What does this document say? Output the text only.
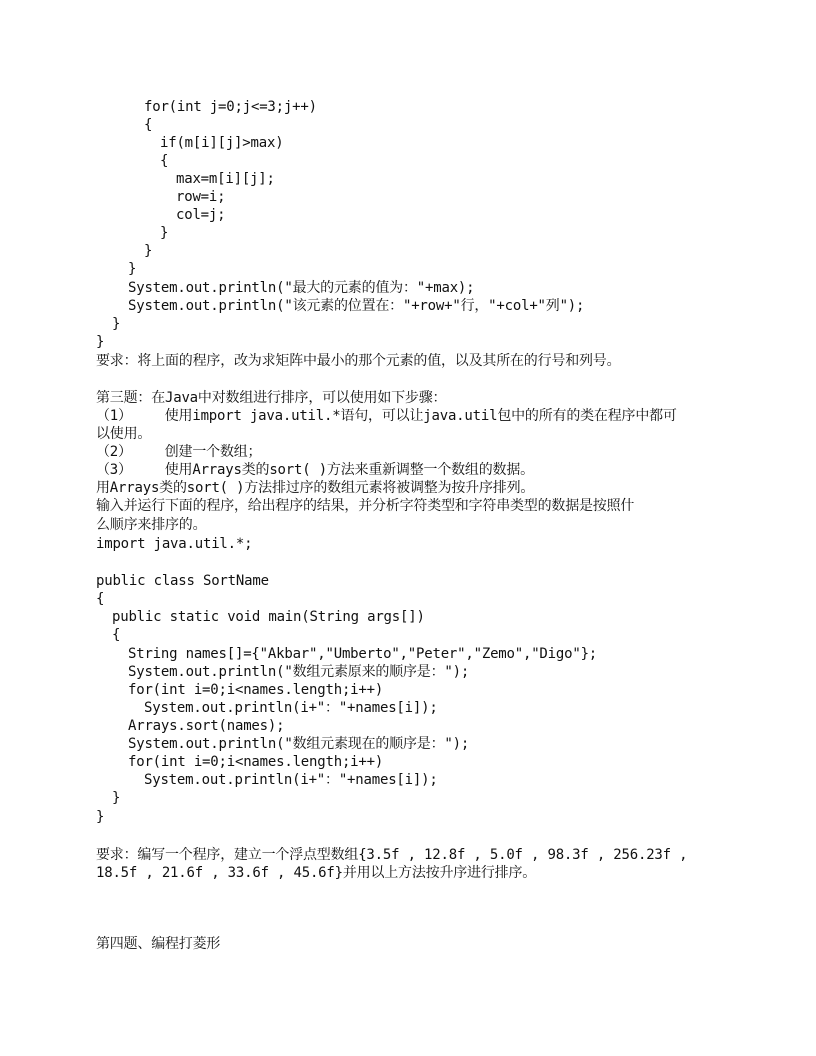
for(int j=0;j<=3;j++)
{
if(m[i][j]>max)
{
max=m[i][j];
row=i;
col=j;
}
}
}
System.out.println("最大的元素的值为："+max);
System.out.println("该元素的位置在："+row+"行，"+col+"列");
}
}
要求：将上面的程序，改为求矩阵中最小的那个元素的值，以及其所在的行号和列号。
第三题：在Java中对数组进行排序，可以使用如下步骤：
（1）    使用import java.util.*语句，可以让java.util包中的所有的类在程序中都可
以使用。
（2）    创建一个数组；
（3）    使用Arrays类的sort( )方法来重新调整一个数组的数据。
用Arrays类的sort( )方法排过序的数组元素将被调整为按升序排列。
输入并运行下面的程序，给出程序的结果，并分析字符类型和字符串类型的数据是按照什
么顺序来排序的。
import java.util.*;
public class SortName
{
public static void main(String args[])
{
String names[]={"Akbar","Umberto","Peter","Zemo","Digo"};
System.out.println("数组元素原来的顺序是：");
for(int i=0;i<names.length;i++)
System.out.println(i+"："+names[i]);
Arrays.sort(names);
System.out.println("数组元素现在的顺序是：");
for(int i=0;i<names.length;i++)
System.out.println(i+"："+names[i]);
}
}
要求：编写一个程序，建立一个浮点型数组{3.5f , 12.8f , 5.0f , 98.3f , 256.23f ,
18.5f , 21.6f , 33.6f , 45.6f}并用以上方法按升序进行排序。
第四题、编程打菱形
